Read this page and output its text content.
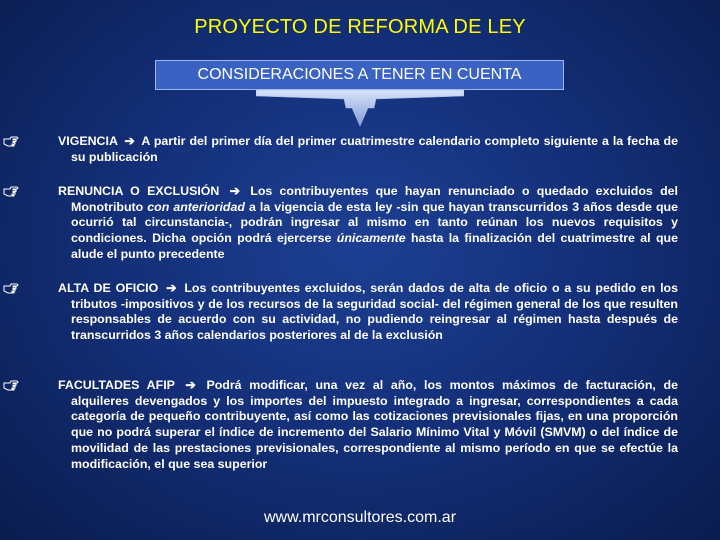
PROYECTO DE REFORMA DE LEY
CONSIDERACIONES A TENER EN CUENTA
VIGENCIA ➔ A partir del primer día del primer cuatrimestre calendario completo siguiente a la fecha de su publicación
RENUNCIA O EXCLUSIÓN ➔ Los contribuyentes que hayan renunciado o quedado excluidos del Monotributo con anterioridad a la vigencia de esta ley -sin que hayan transcurridos 3 años desde que ocurrió tal circunstancia-, podrán ingresar al mismo en tanto reúnan los nuevos requisitos y condiciones. Dicha opción podrá ejercerse únicamente hasta la finalización del cuatrimestre al que alude el punto precedente
ALTA DE OFICIO ➔ Los contribuyentes excluidos, serán dados de alta de oficio o a su pedido en los tributos -impositivos y de los recursos de la seguridad social- del régimen general de los que resulten responsables de acuerdo con su actividad, no pudiendo reingresar al régimen hasta después de transcurridos 3 años calendarios posteriores al de la exclusión
FACULTADES AFIP ➔ Podrá modificar, una vez al año, los montos máximos de facturación, de alquileres devengados y los importes del impuesto integrado a ingresar, correspondientes a cada categoría de pequeño contribuyente, así como las cotizaciones previsionales fijas, en una proporción que no podrá superar el índice de incremento del Salario Mínimo Vital y Móvil (SMVM) o del índice de movilidad de las prestaciones previsionales, correspondiente al mismo período en que se efectúe la modificación, el que sea superior
www.mrconsultores.com.ar
